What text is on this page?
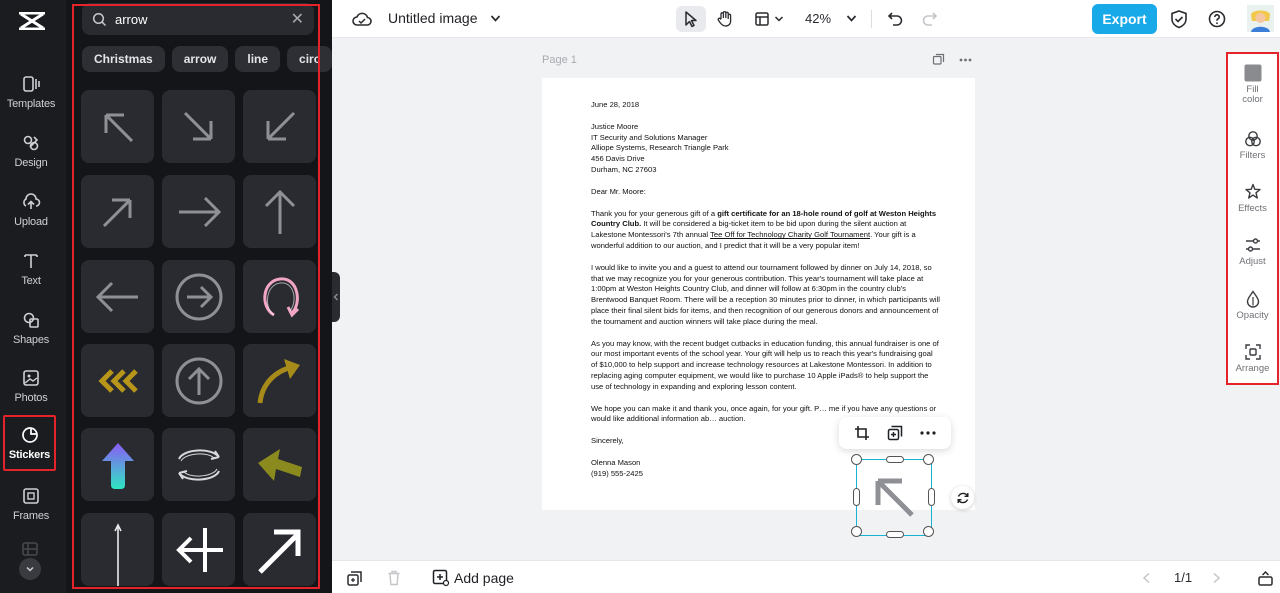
Templates
Design
Upload
Text
Shapes
Photos
Stickers
Frames
arrow
✕
Christmas	arrow	line	circ
Untitled image	42%	Export
Page 1

June 28, 2018

Justice Moore
IT Security and Solutions Manager
Alliope Systems, Research Triangle Park
456 Davis Drive
Durham, NC 27603

Dear Mr. Moore:

Thank you for your generous gift of a gift certificate for an 18-hole round of golf at Weston Heights Country Club. It will be considered a big-ticket item to be bid upon during the silent auction at Lakestone Montessori's 7th annual Tee Off for Technology Charity Golf Tournament. Your gift is a wonderful addition to our auction, and I predict that it will be a very popular item!

I would like to invite you and a guest to attend our tournament followed by dinner on July 14, 2018, so that we may recognize you for your generous contribution. This year's tournament will take place at 1:00pm at Weston Heights Country Club, and dinner will follow at 6:30pm in the country club's Brentwood Banquet Room. There will be a reception 30 minutes prior to dinner, in which participants will place their final silent bids for items, and then recognition of our generous donors and announcement of the tournament and auction winners will take place during the meal.

As you may know, with the recent budget cutbacks in education funding, this annual fundraiser is one of our most important events of the school year. Your gift will help us to reach this year's fundraising goal of $10,000 to help support and increase technology resources at Lakestone Montessori. In addition to replacing aging computer equipment, we would like to purchase 10 Apple iPads® to help support the use of technology in expanding and exploring lesson content.

We hope you can make it and thank you, once again, for your gift. P… me if you have any questions or would like additional information ab… auction.

Sincerely,

Olenna Mason
(919) 555-2425

Fill color
Filters
Effects
Adjust
Opacity
Arrange
Add page	1/1
